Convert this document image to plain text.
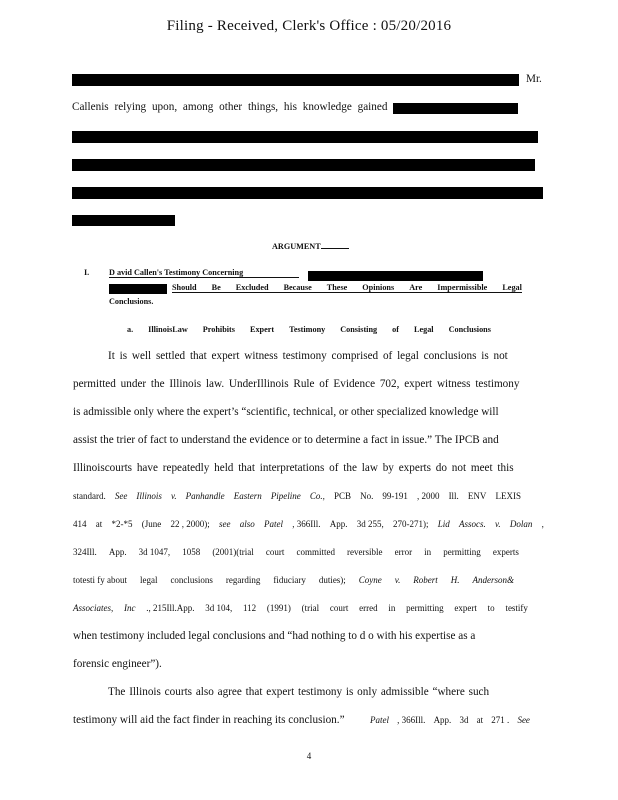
Filing - Received, Clerk's Office : 05/20/2016
Mr.
Callenis relying upon, among other things, his knowledge gained
ARGUMENT
I. D avid Callen's Testimony Concerning
Should Be Excluded Because These Opinions Are Impermissible Legal
Conclusions.
a. IllinoisLaw Prohibits Expert Testimony Consisting of Legal Conclusions
It is well settled that expert witness testimony comprised of legal conclusions is not
permitted under the Illinois law. UnderIllinois Rule of Evidence 702, expert witness testimony
is admissible only where the expert’s “scientific, technical, or other specialized knowledge will
assist the trier of fact to understand the evidence or to determine a fact in issue.” The IPCB and
Illinoiscourts have repeatedly held that interpretations of the law by experts do not meet this
standard. See Illinois v. Panhandle Eastern Pipeline Co., PCB No. 99-191 , 2000 Ill. ENV LEXIS
414 at *2-*5 (June 22 , 2000); see also Patel , 366Ill. App. 3d 255, 270-271); Lid Assocs. v. Dolan ,
324Ill. App. 3d 1047, 1058 (2001)(trial court committed reversible error in permitting experts
totesti fy about legal conclusions regarding fiduciary duties); Coyne v. Robert H. Anderson&
Associates, Inc ., 215Ill.App. 3d 104, 112 (1991) (trial court erred in permitting expert to testify
when testimony included legal conclusions and “had nothing to d o with his expertise as a
forensic engineer”).
The Illinois courts also agree that expert testimony is only admissible “where such
testimony will aid the fact finder in reaching its conclusion.”	Patel , 366Ill. App. 3d at 271 . See
4
